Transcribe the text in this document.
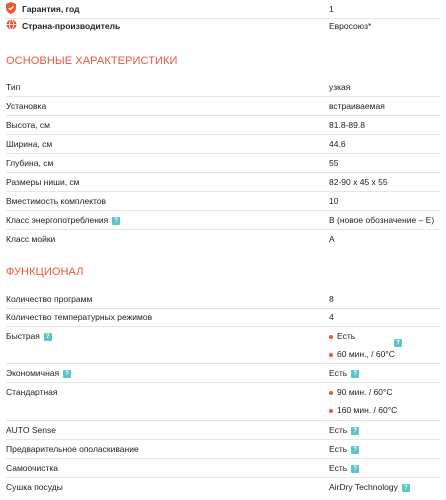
Гарантия, год	1
Страна-производитель	Евросоюз*
ОСНОВНЫЕ ХАРАКТЕРИСТИКИ
Тип	узкая
Установка	встраиваемая
Высота, см	81.8-89.8
Ширина, см	44.6
Глубина, см	55
Размеры ниши, см	82-90 x 45 x 55
Вместимость комплектов	10
Класс энергопотребления ?	B (новое обозначение – E)
Класс мойки	A
ФУНКЦИОНАЛ
Количество программ	8
Количество температурных режимов	4
Быстрая ?	Есть
?
60 мин., / 60°C
Экономичная ?	Есть ?
Стандартная	90 мин. / 60°C
160 мин. / 60°C
AUTO Sense	Есть ?
Предварительное ополаскивание	Есть ?
Самоочистка	Есть ?
Сушка посуды	AirDry Technology ?
